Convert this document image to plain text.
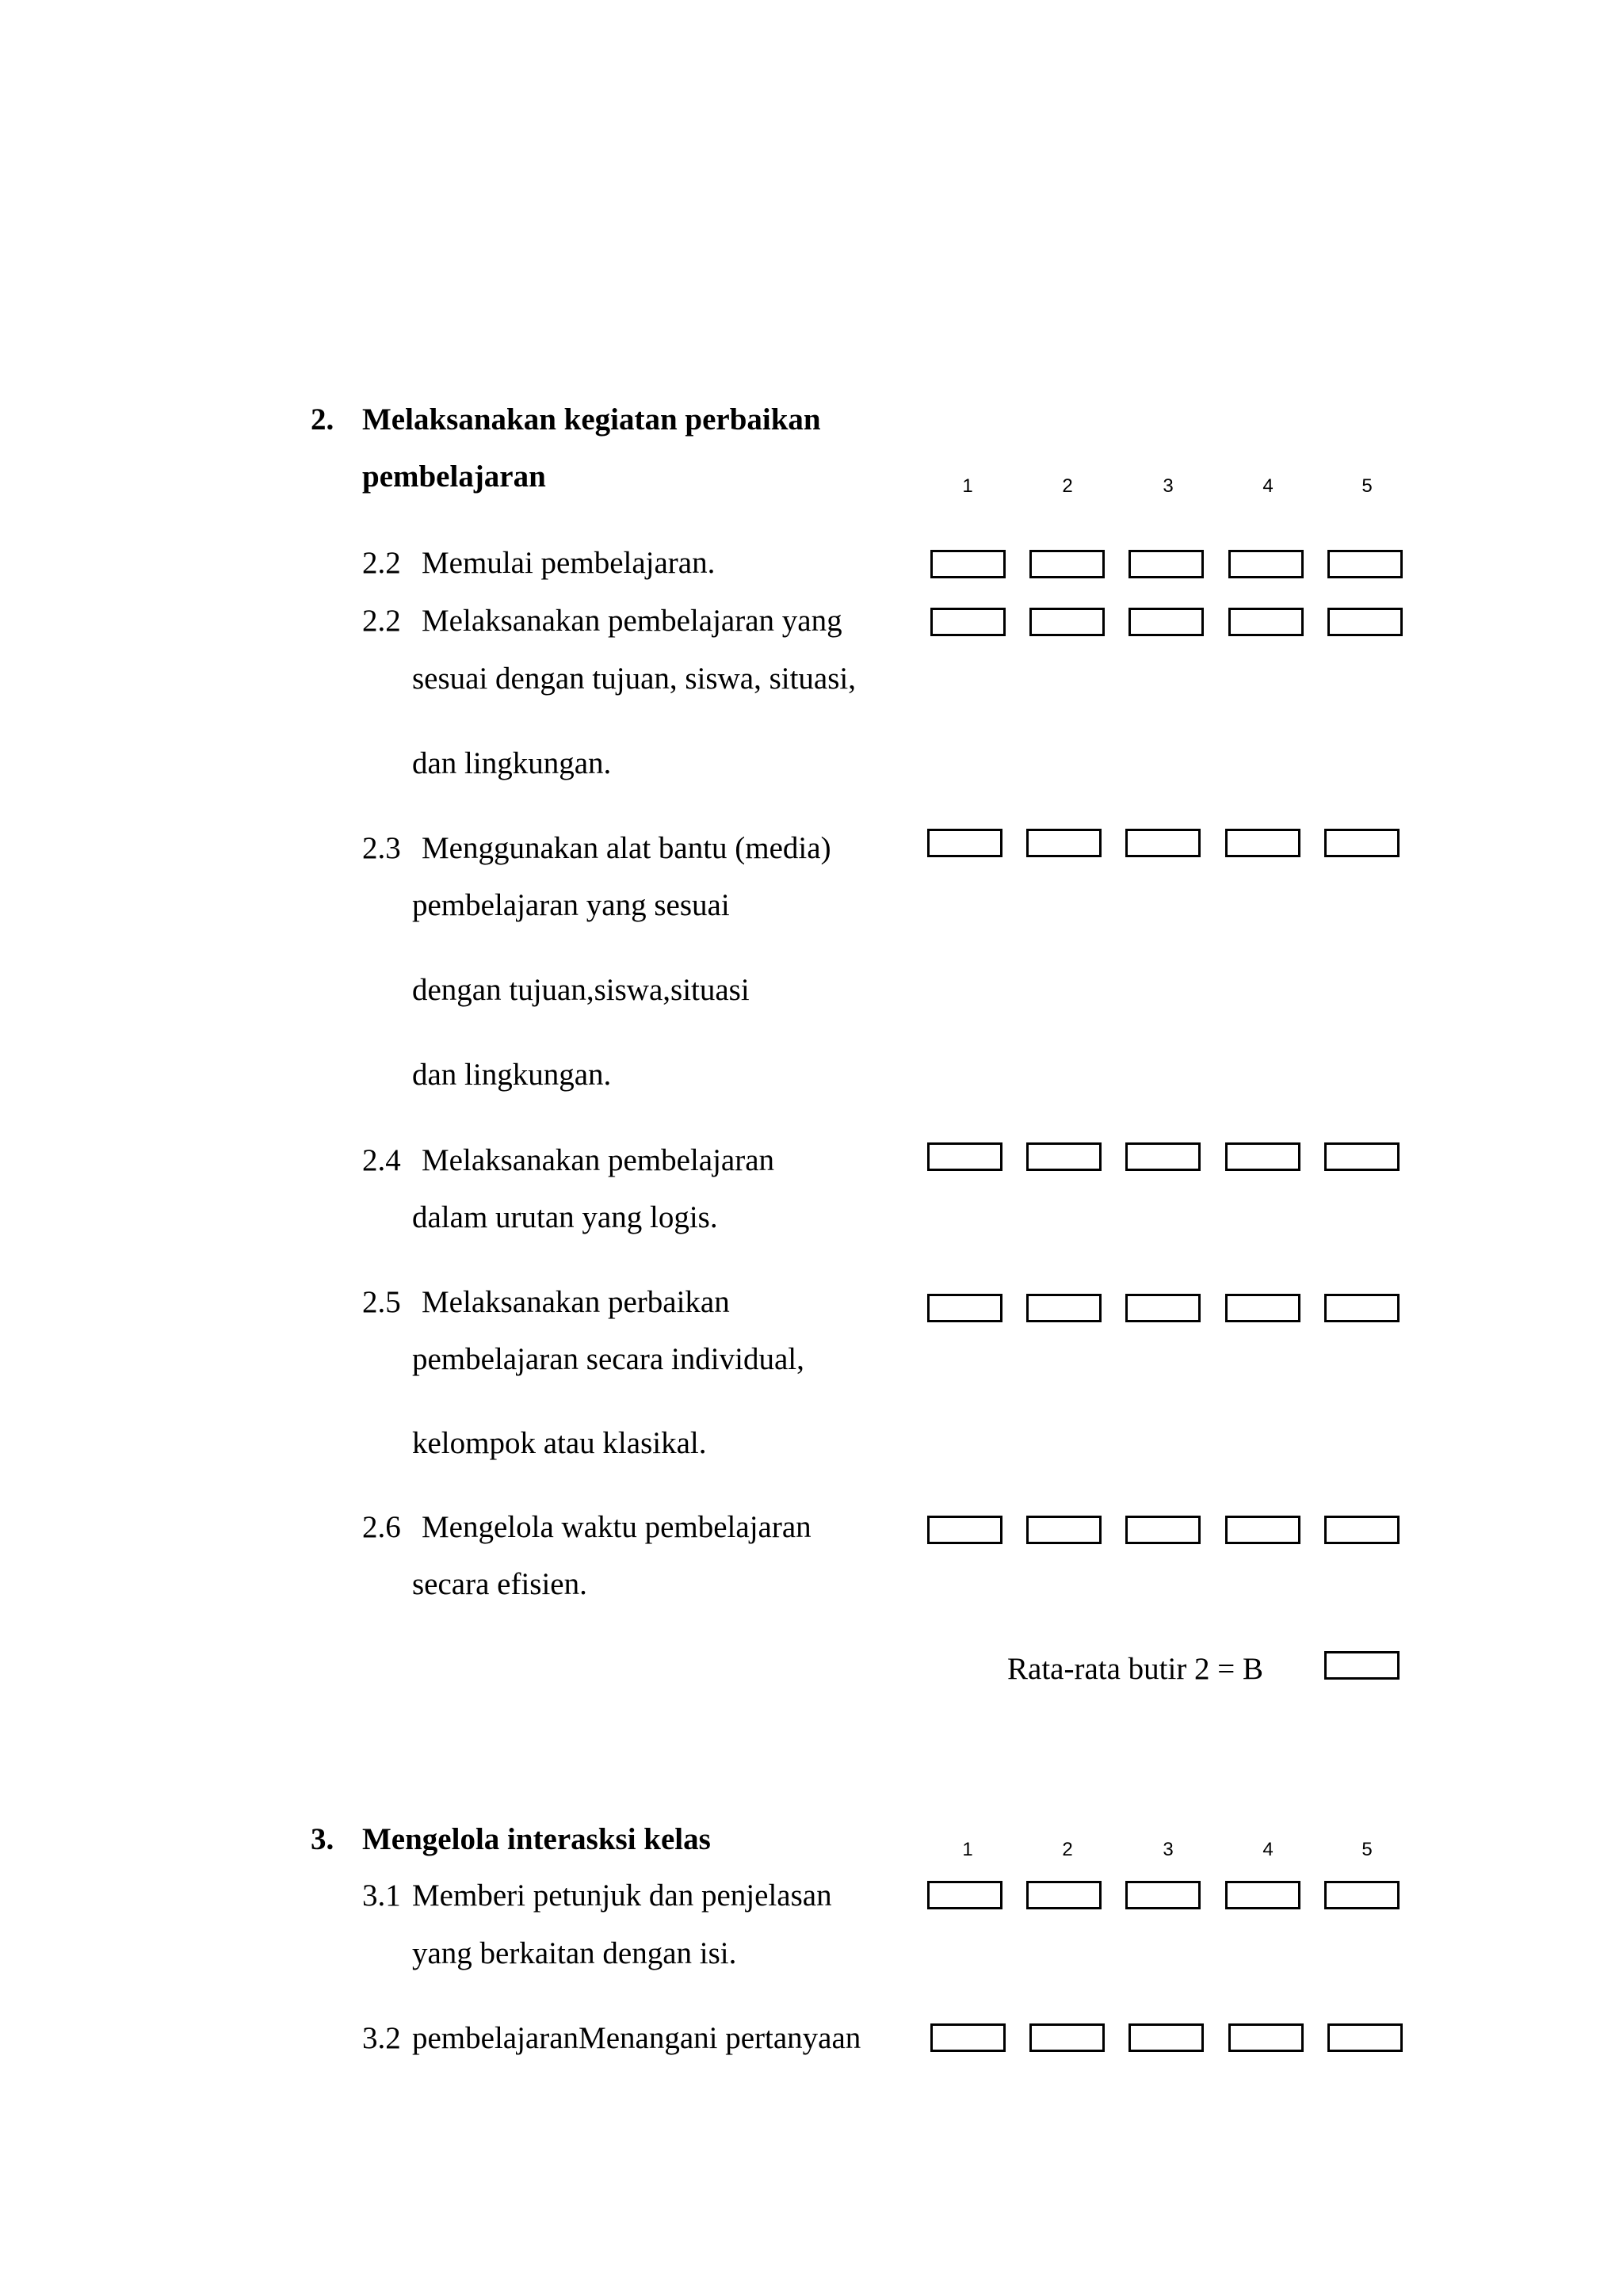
2. Melaksanakan kegiatan perbaikan
pembelajaran	1	2	3	4	5
2.2 Memulai pembelajaran.
2.2 Melaksanakan pembelajaran yang
sesuai dengan tujuan, siswa, situasi,
dan lingkungan.
2.3 Menggunakan alat bantu (media)
pembelajaran yang sesuai
dengan tujuan,siswa,situasi
dan lingkungan.
2.4 Melaksanakan pembelajaran
dalam urutan yang logis.
2.5 Melaksanakan perbaikan
pembelajaran secara individual,
kelompok atau klasikal.
2.6 Mengelola waktu pembelajaran
secara efisien.
Rata-rata butir 2 = B
3. Mengelola interasksi kelas	1	2	3	4	5
3.1 Memberi petunjuk dan penjelasan
yang berkaitan dengan isi.
3.2 pembelajaranMenangani pertanyaan
